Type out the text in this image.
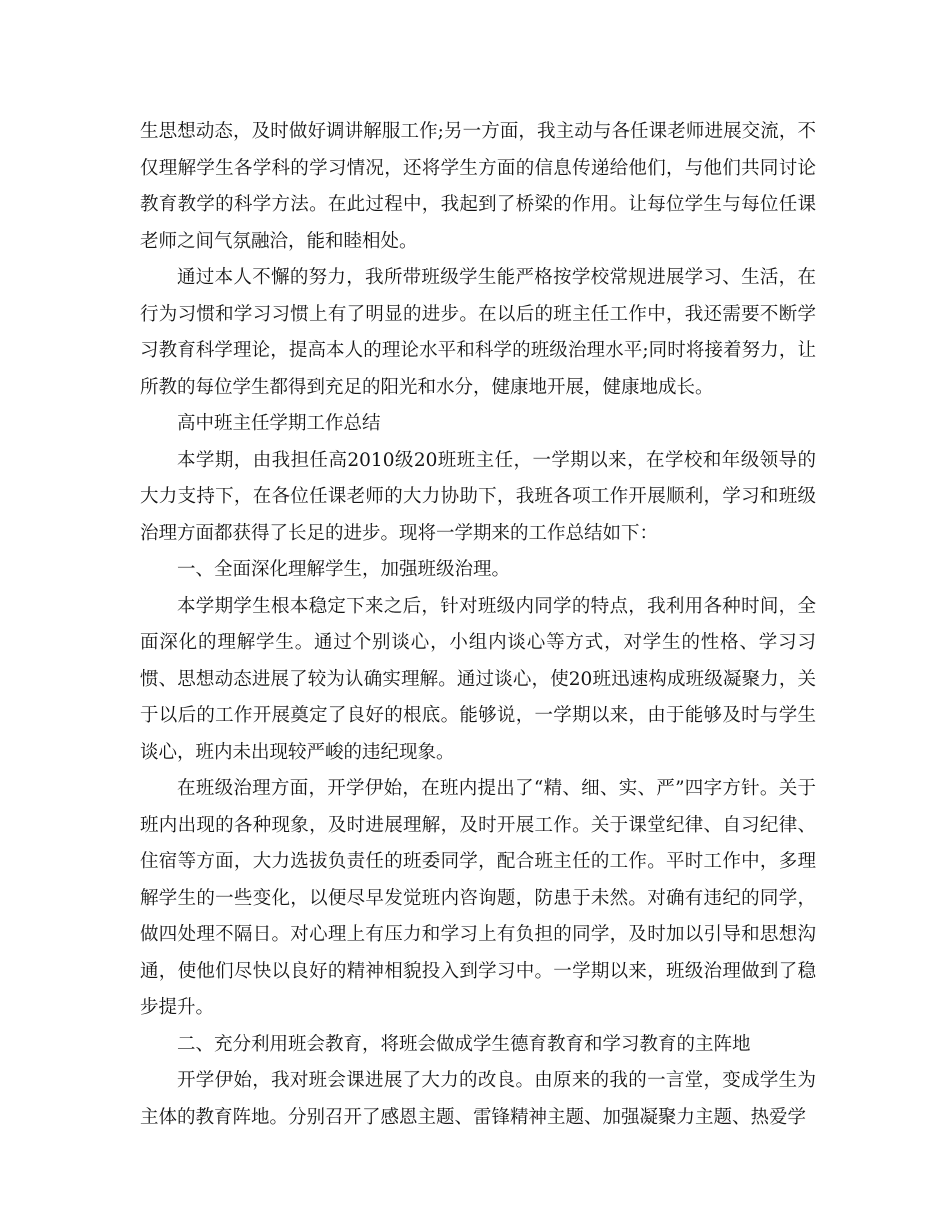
生思想动态，及时做好调讲解服工作;另一方面，我主动与各任课老师进展交流，不仅理解学生各学科的学习情况，还将学生方面的信息传递给他们，与他们共同讨论教育教学的科学方法。在此过程中，我起到了桥梁的作用。让每位学生与每位任课老师之间气氛融洽，能和睦相处。

通过本人不懈的努力，我所带班级学生能严格按学校常规进展学习、生活，在行为习惯和学习习惯上有了明显的进步。在以后的班主任工作中，我还需要不断学习教育科学理论，提高本人的理论水平和科学的班级治理水平;同时将接着努力，让所教的每位学生都得到充足的阳光和水分，健康地开展，健康地成长。

高中班主任学期工作总结

本学期，由我担任高2010级20班班主任，一学期以来，在学校和年级领导的大力支持下，在各位任课老师的大力协助下，我班各项工作开展顺利，学习和班级治理方面都获得了长足的进步。现将一学期来的工作总结如下：

一、全面深化理解学生，加强班级治理。

本学期学生根本稳定下来之后，针对班级内同学的特点，我利用各种时间，全面深化的理解学生。通过个别谈心，小组内谈心等方式，对学生的性格、学习习惯、思想动态进展了较为认确实理解。通过谈心，使20班迅速构成班级凝聚力，关于以后的工作开展奠定了良好的根底。能够说，一学期以来，由于能够及时与学生谈心，班内未出现较严峻的违纪现象。

在班级治理方面，开学伊始，在班内提出了“精、细、实、严”四字方针。关于班内出现的各种现象，及时进展理解，及时开展工作。关于课堂纪律、自习纪律、住宿等方面，大力选拔负责任的班委同学，配合班主任的工作。平时工作中，多理解学生的一些变化，以便尽早发觉班内咨询题，防患于未然。对确有违纪的同学，做四处理不隔日。对心理上有压力和学习上有负担的同学，及时加以引导和思想沟通，使他们尽快以良好的精神相貌投入到学习中。一学期以来，班级治理做到了稳步提升。

二、充分利用班会教育，将班会做成学生德育教育和学习教育的主阵地

开学伊始，我对班会课进展了大力的改良。由原来的我的一言堂，变成学生为主体的教育阵地。分别召开了感恩主题、雷锋精神主题、加强凝聚力主题、热爱学
